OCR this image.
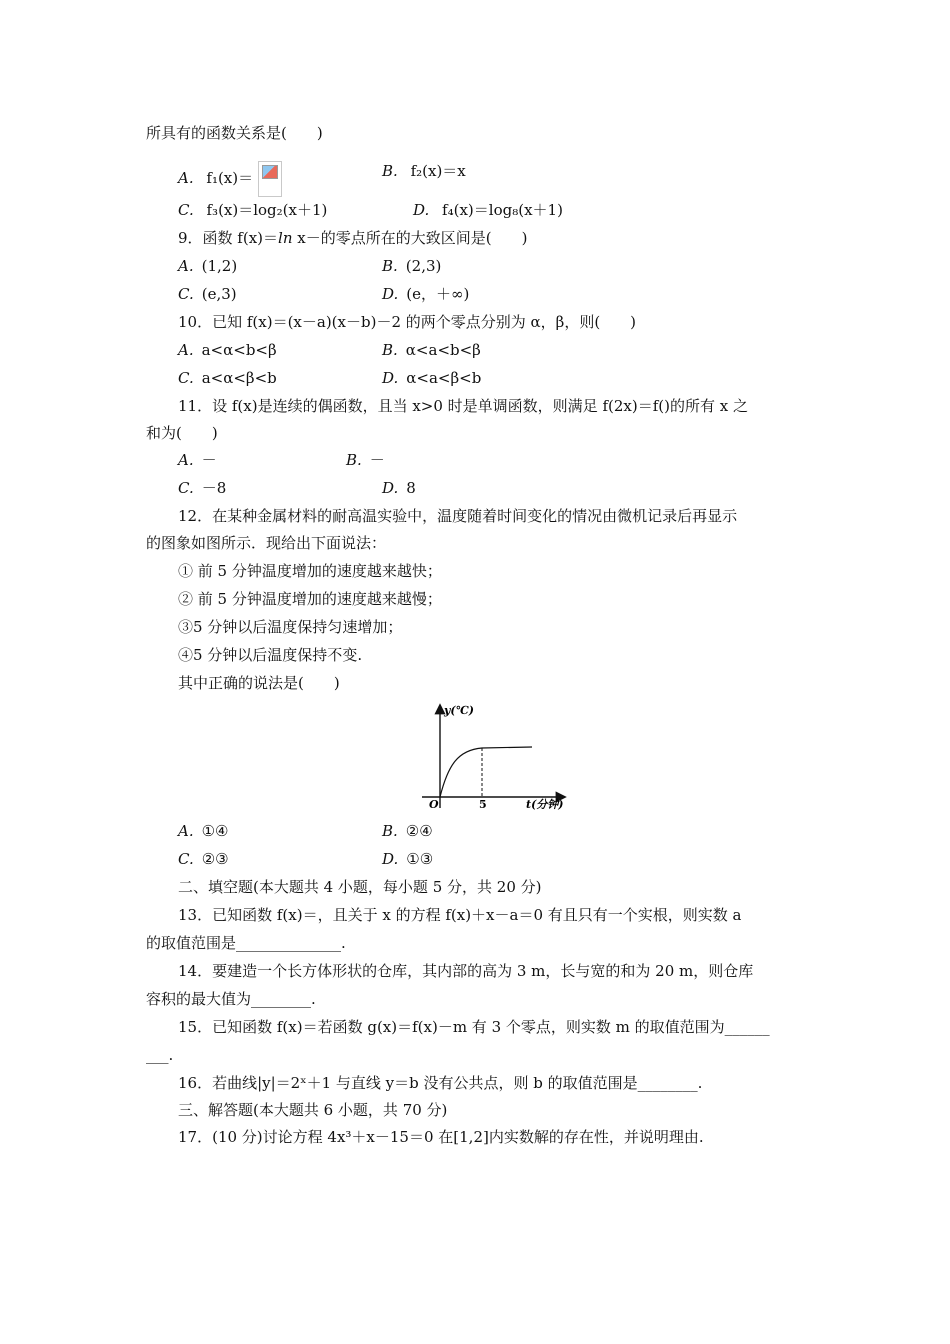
所具有的函数关系是(　　)
A. f₁(x)＝	B. f₂(x)＝x
C. f₃(x)＝log₂(x＋1)	D. f₄(x)＝log₈(x＋1)
9．函数 f(x)＝ln x－的零点所在的大致区间是(　　)
A. (1,2)	B. (2,3)
C. (e,3)	D. (e，＋∞)
10．已知 f(x)＝(x－a)(x－b)－2 的两个零点分别为 α，β，则(　　)
A. a<α<b<β	B. α<a<b<β
C. a<α<β<b	D. α<a<β<b
11．设 f(x)是连续的偶函数，且当 x>0 时是单调函数，则满足 f(2x)＝f()的所有 x 之
和为(　　)
A. －	B. －
C. －8	D. 8
12．在某种金属材料的耐高温实验中，温度随着时间变化的情况由微机记录后再显示
的图象如图所示．现给出下面说法：
① 前 5 分钟温度增加的速度越来越快；
② 前 5 分钟温度增加的速度越来越慢；
③5 分钟以后温度保持匀速增加；
④5 分钟以后温度保持不变.
其中正确的说法是(　　)
y(℃)
t(分钟)
O	5
A. ①④	B. ②④
C. ②③	D. ①③
二、填空题(本大题共 4 小题，每小题 5 分，共 20 分)
13．已知函数 f(x)＝，且关于 x 的方程 f(x)＋x－a＝0 有且只有一个实根，则实数 a
的取值范围是______________.
14．要建造一个长方体形状的仓库，其内部的高为 3 m，长与宽的和为 20 m，则仓库
容积的最大值为________.
15．已知函数 f(x)＝若函数 g(x)＝f(x)－m 有 3 个零点，则实数 m 的取值范围为______
___.
16．若曲线|y|＝2ˣ＋1 与直线 y＝b 没有公共点，则 b 的取值范围是________.
三、解答题(本大题共 6 小题，共 70 分)
17．(10 分)讨论方程 4x³＋x－15＝0 在[1,2]内实数解的存在性，并说明理由.
